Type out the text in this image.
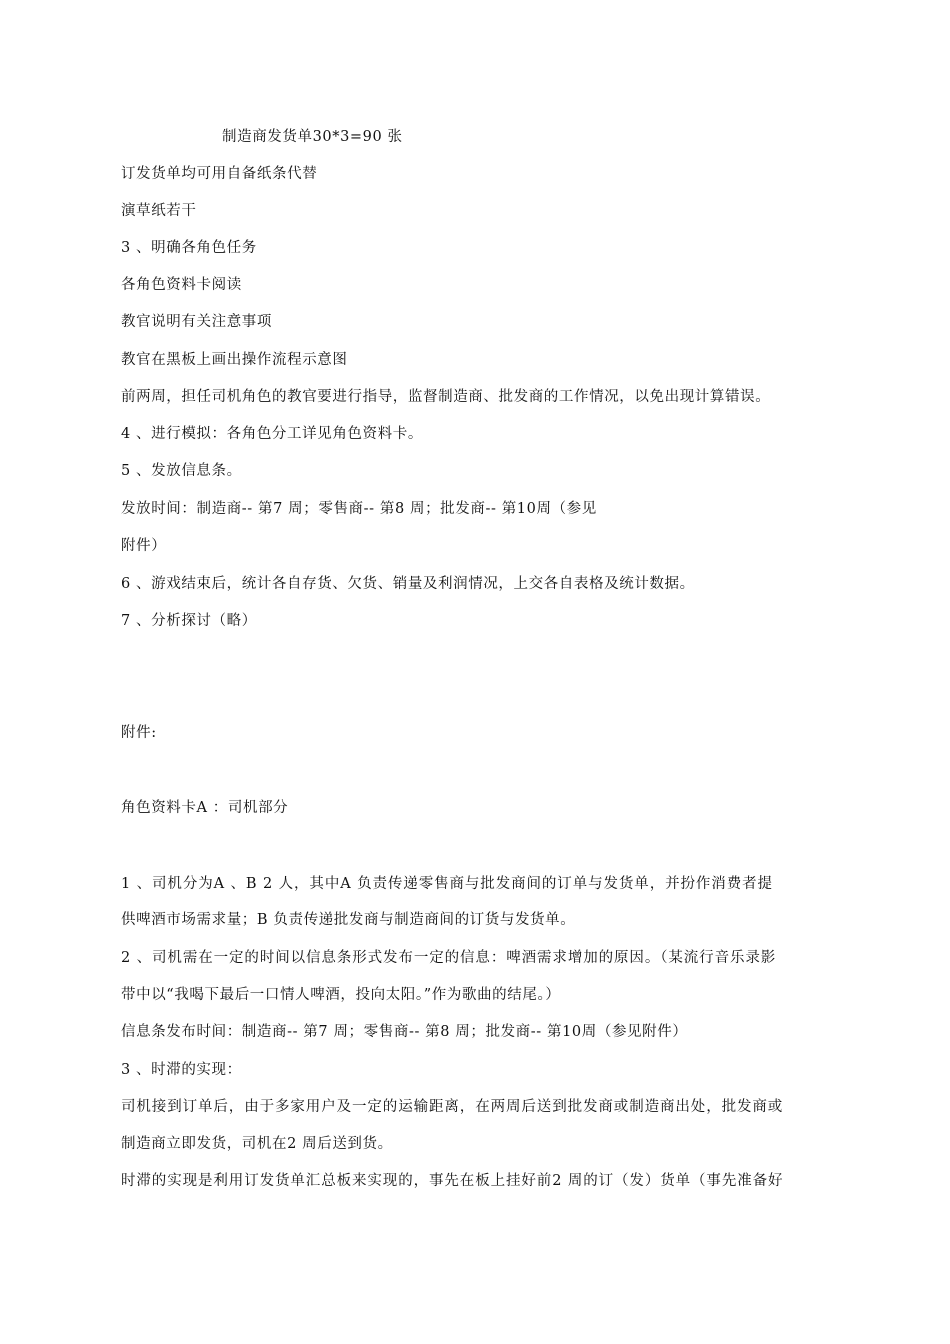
制造商发货单30*3=90 张
订发货单均可用自备纸条代替
演草纸若干
3 、明确各角色任务
各角色资料卡阅读
教官说明有关注意事项
教官在黑板上画出操作流程示意图
前两周，担任司机角色的教官要进行指导，监督制造商、批发商的工作情况，以免出现计算错误。
4 、进行模拟：各角色分工详见角色资料卡。
5 、发放信息条。
发放时间：制造商-- 第7 周；零售商-- 第8 周；批发商-- 第10周（参见
附件）
6 、游戏结束后，统计各自存货、欠货、销量及利润情况，上交各自表格及统计数据。
7 、分析探讨（略）
附件:
角色资料卡A ：司机部分
1 、司机分为A 、B 2 人，其中A 负责传递零售商与批发商间的订单与发货单，并扮作消费者提
供啤酒市场需求量；B 负责传递批发商与制造商间的订货与发货单。
2 、司机需在一定的时间以信息条形式发布一定的信息：啤酒需求增加的原因。（某流行音乐录影
带中以“我喝下最后一口情人啤酒，投向太阳。”作为歌曲的结尾。）
信息条发布时间：制造商-- 第7 周；零售商-- 第8 周；批发商-- 第10周（参见附件）
3 、时滞的实现：
司机接到订单后，由于多家用户及一定的运输距离，在两周后送到批发商或制造商出处，批发商或
制造商立即发货，司机在2 周后送到货。
时滞的实现是利用订发货单汇总板来实现的，事先在板上挂好前2 周的订（发）货单（事先准备好
